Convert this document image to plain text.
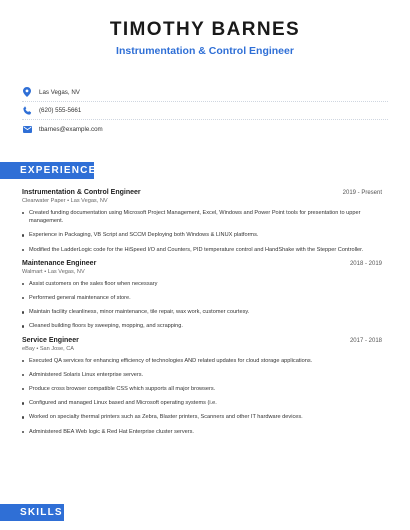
TIMOTHY BARNES
Instrumentation & Control Engineer
Las Vegas, NV
(620) 555-5661
tbarnes@example.com
EXPERIENCE
Instrumentation & Control Engineer	2019 - Present
Clearwater Paper • Las Vegas, NV
Created funding documentation using Microsoft Project Management, Excel, Windows and Power Point tools for presentation to upper management.
Experience in Packaging, VB Script and SCCM Deploying both Windows & LINUX platforms.
Modified the LadderLogic code for the HiSpeed I/O and Counters, PID temperature control and HandShake with the Stepper Controller.
Maintenance Engineer	2018 - 2019
Walmart • Las Vegas, NV
Assist customers on the sales floor when necessary
Performed general maintenance of store.
Maintain facility cleanliness, minor maintenance, tile repair, wax work, customer courtesy.
Cleaned building floors by sweeping, mopping, and scrapping.
Service Engineer	2017 - 2018
eBay • San Jose, CA
Executed QA services for enhancing efficiency of technologies AND related updates for cloud storage applications.
Administered Solaris Linux enterprise servers.
Produce cross browser compatible CSS which supports all major browsers.
Configured and managed Linux based and Microsoft operating systems (i.e.
Worked on specialty thermal printers such as Zebra, Blaster printers, Scanners and other IT hardware devices.
Administered BEA Web logic & Red Hat Enterprise cluster servers.
SKILLS
